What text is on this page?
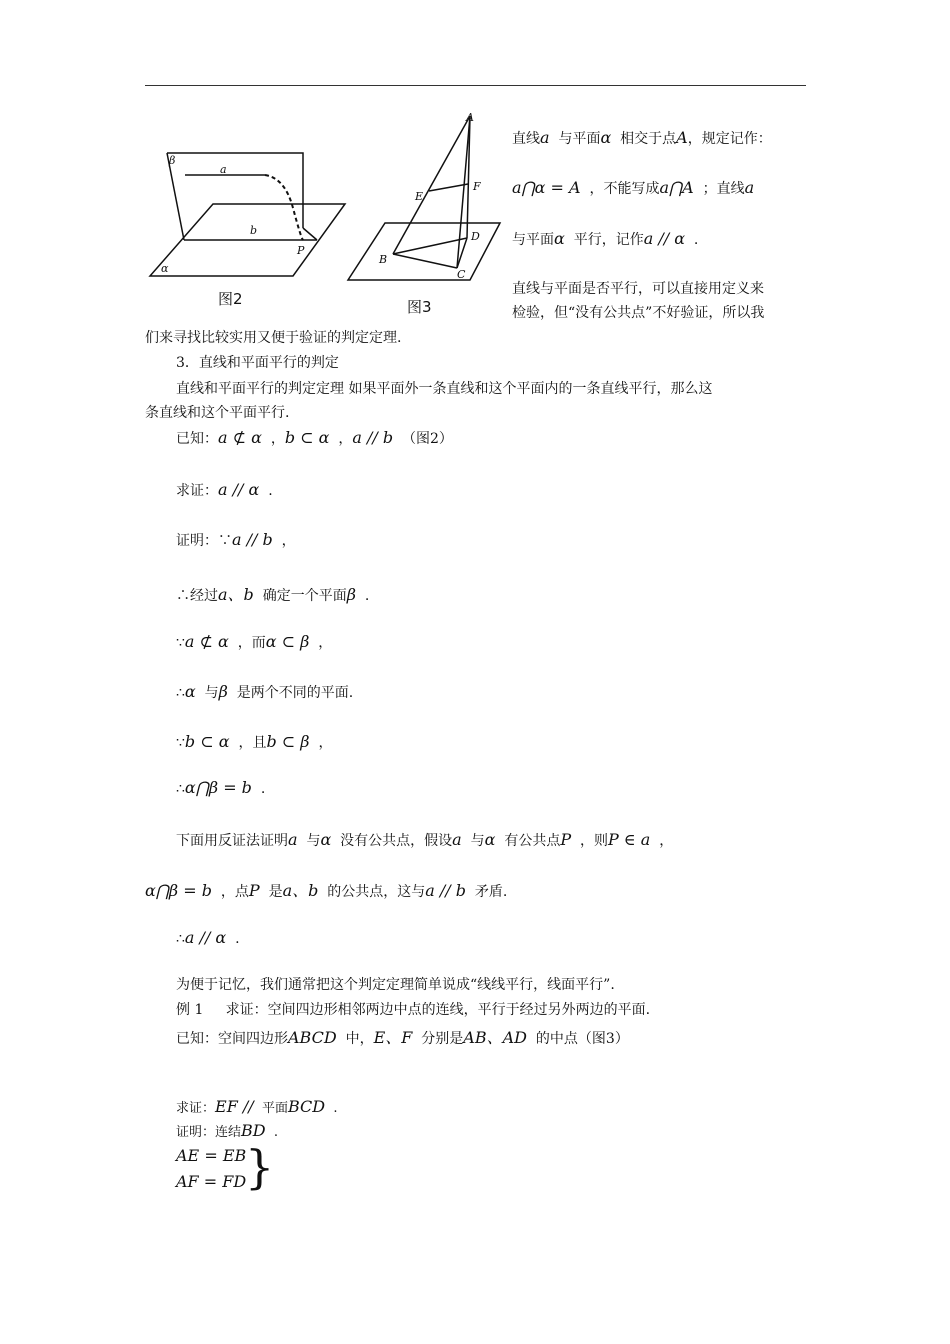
β
a
b
P
α
图2
A
E
F
D
B
C
图3
直线a 与平面α 相交于点A，规定记作：
a⋂α = A ，不能写成a⋂A ；直线a
与平面α 平行，记作a // α .
直线与平面是否平行，可以直接用定义来
检验，但“没有公共点”不好验证，所以我
们来寻找比较实用又便于验证的判定定理.
3．直线和平面平行的判定
直线和平面平行的判定定理 如果平面外一条直线和这个平面内的一条直线平行，那么这
条直线和这个平面平行.
已知：a ⊄ α ，b ⊂ α ，a // b （图2）
求证：a // α .
证明：∵a // b ，
∴经过a、b 确定一个平面β .
∵a ⊄ α ，而α ⊂ β ，
∴α 与β 是两个不同的平面.
∵b ⊂ α ，且b ⊂ β ，
∴α⋂β = b .
下面用反证法证明a 与α 没有公共点，假设a 与α 有公共点P ，则P ∈ a ，
α⋂β = b ，点P 是a、b 的公共点，这与a // b 矛盾.
∴a // α .
为便于记忆，我们通常把这个判定定理简单说成“线线平行，线面平行”.
例 1 求证：空间四边形相邻两边中点的连线，平行于经过另外两边的平面.
已知：空间四边形ABCD 中，E、F 分别是AB、AD 的中点（图3）
求证：EF // 平面BCD .
证明：连结BD .
AE = EB
AF = FD
}
